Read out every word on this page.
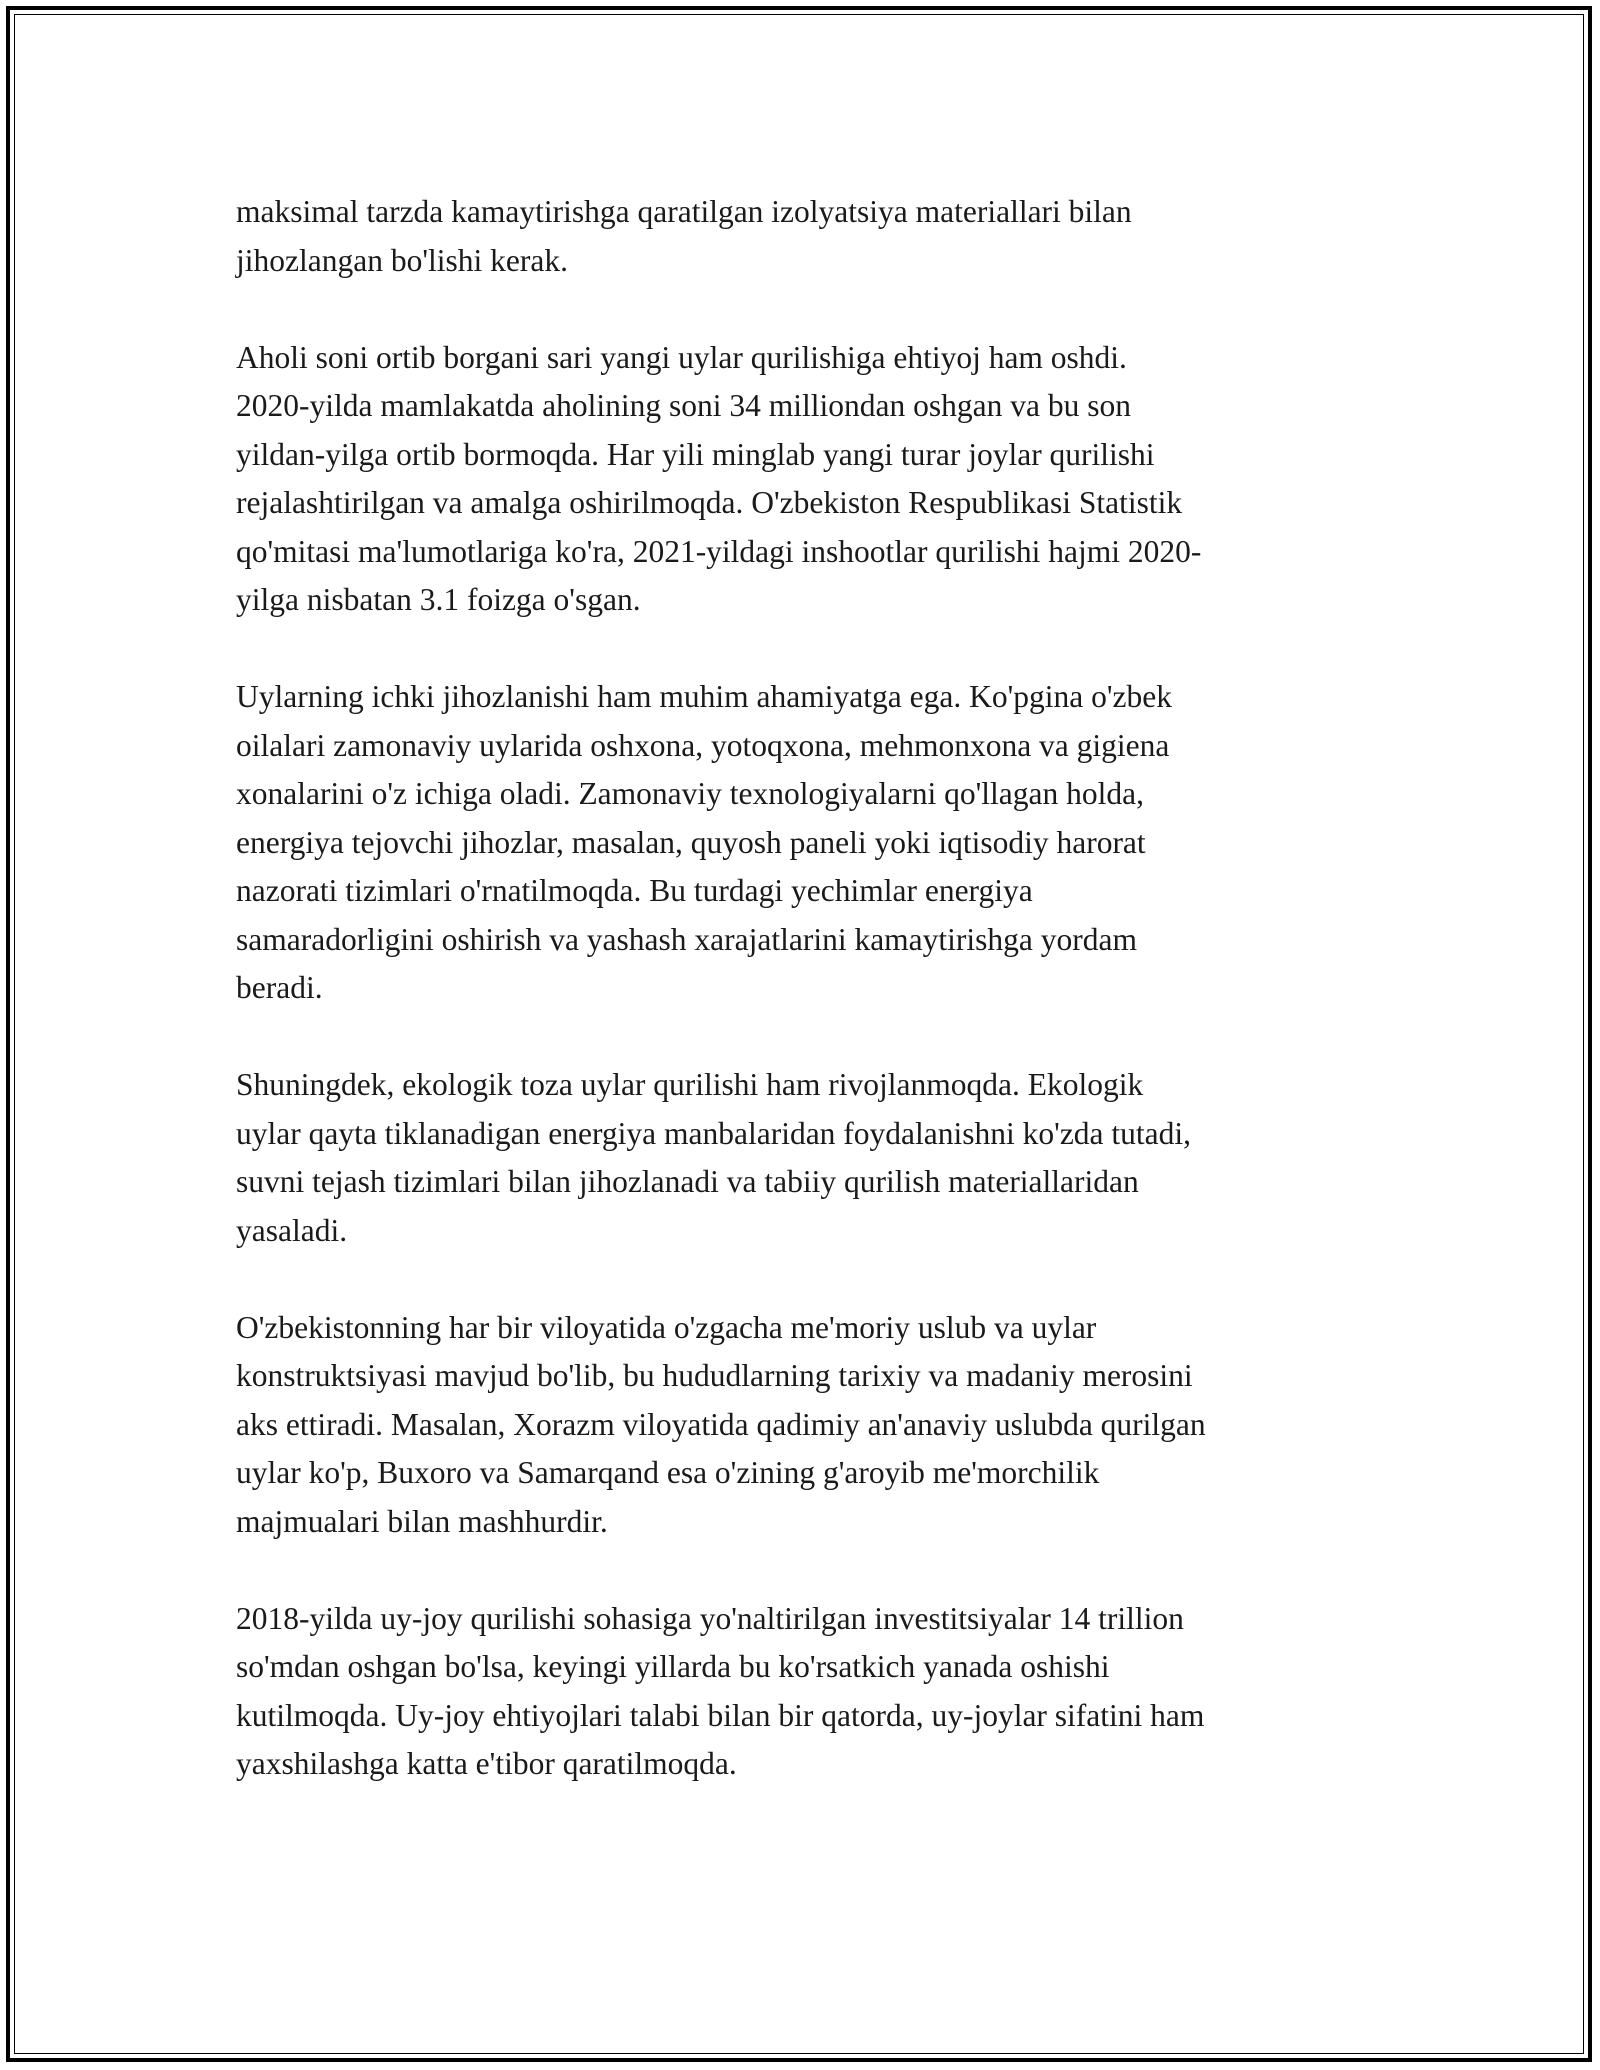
maksimal tarzda kamaytirishga qaratilgan izolyatsiya materiallari bilan
jihozlangan bo'lishi kerak.

Aholi soni ortib borgani sari yangi uylar qurilishiga ehtiyoj ham oshdi.
2020-yilda mamlakatda aholining soni 34 milliondan oshgan va bu son
yildan-yilga ortib bormoqda. Har yili minglab yangi turar joylar qurilishi
rejalashtirilgan va amalga oshirilmoqda. O'zbekiston Respublikasi Statistik
qo'mitasi ma'lumotlariga ko'ra, 2021-yildagi inshootlar qurilishi hajmi 2020-
yilga nisbatan 3.1 foizga o'sgan.

Uylarning ichki jihozlanishi ham muhim ahamiyatga ega. Ko'pgina o'zbek
oilalari zamonaviy uylarida oshxona, yotoqxona, mehmonxona va gigiena
xonalarini o'z ichiga oladi. Zamonaviy texnologiyalarni qo'llagan holda,
energiya tejovchi jihozlar, masalan, quyosh paneli yoki iqtisodiy harorat
nazorati tizimlari o'rnatilmoqda. Bu turdagi yechimlar energiya
samaradorligini oshirish va yashash xarajatlarini kamaytirishga yordam
beradi.

Shuningdek, ekologik toza uylar qurilishi ham rivojlanmoqda. Ekologik
uylar qayta tiklanadigan energiya manbalaridan foydalanishni ko'zda tutadi,
suvni tejash tizimlari bilan jihozlanadi va tabiiy qurilish materiallaridan
yasaladi.

O'zbekistonning har bir viloyatida o'zgacha me'moriy uslub va uylar
konstruktsiyasi mavjud bo'lib, bu hududlarning tarixiy va madaniy merosini
aks ettiradi. Masalan, Xorazm viloyatida qadimiy an'anaviy uslubda qurilgan
uylar ko'p, Buxoro va Samarqand esa o'zining g'aroyib me'morchilik
majmualari bilan mashhurdir.

2018-yilda uy-joy qurilishi sohasiga yo'naltirilgan investitsiyalar 14 trillion
so'mdan oshgan bo'lsa, keyingi yillarda bu ko'rsatkich yanada oshishi
kutilmoqda. Uy-joy ehtiyojlari talabi bilan bir qatorda, uy-joylar sifatini ham
yaxshilashga katta e'tibor qaratilmoqda.
